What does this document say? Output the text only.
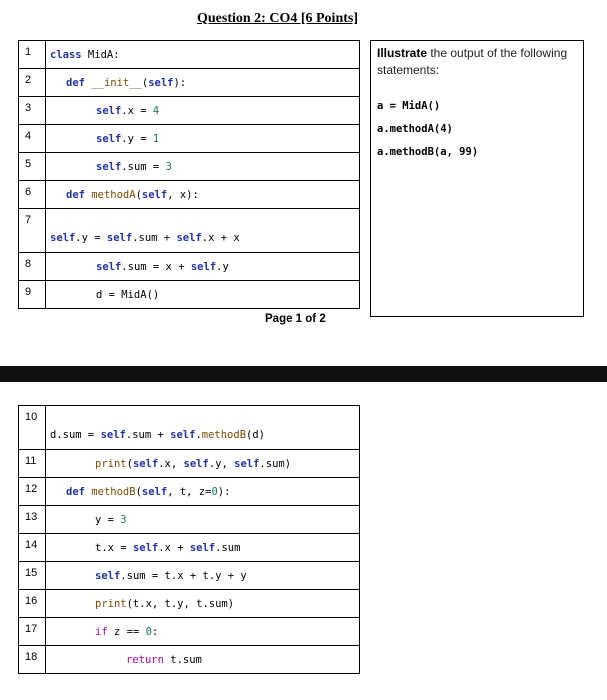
Question 2: CO4 [6 Points]
1	class MidA:
2	def __init__(self):
3	self.x = 4
4	self.y = 1
5	self.sum = 3
6	def methodA(self, x):
7	self.y = self.sum + self.x + x
8	self.sum = x + self.y
9	d = MidA()
Illustrate the output of the following statements:
a = MidA()
a.methodA(4)
a.methodB(a, 99)
Page 1 of 2
10	d.sum = self.sum + self.methodB(d)
11	print(self.x, self.y, self.sum)
12	def methodB(self, t, z=0):
13	y = 3
14	t.x = self.x + self.sum
15	self.sum = t.x + t.y + y
16	print(t.x, t.y, t.sum)
17	if z == 0:
18	return t.sum
